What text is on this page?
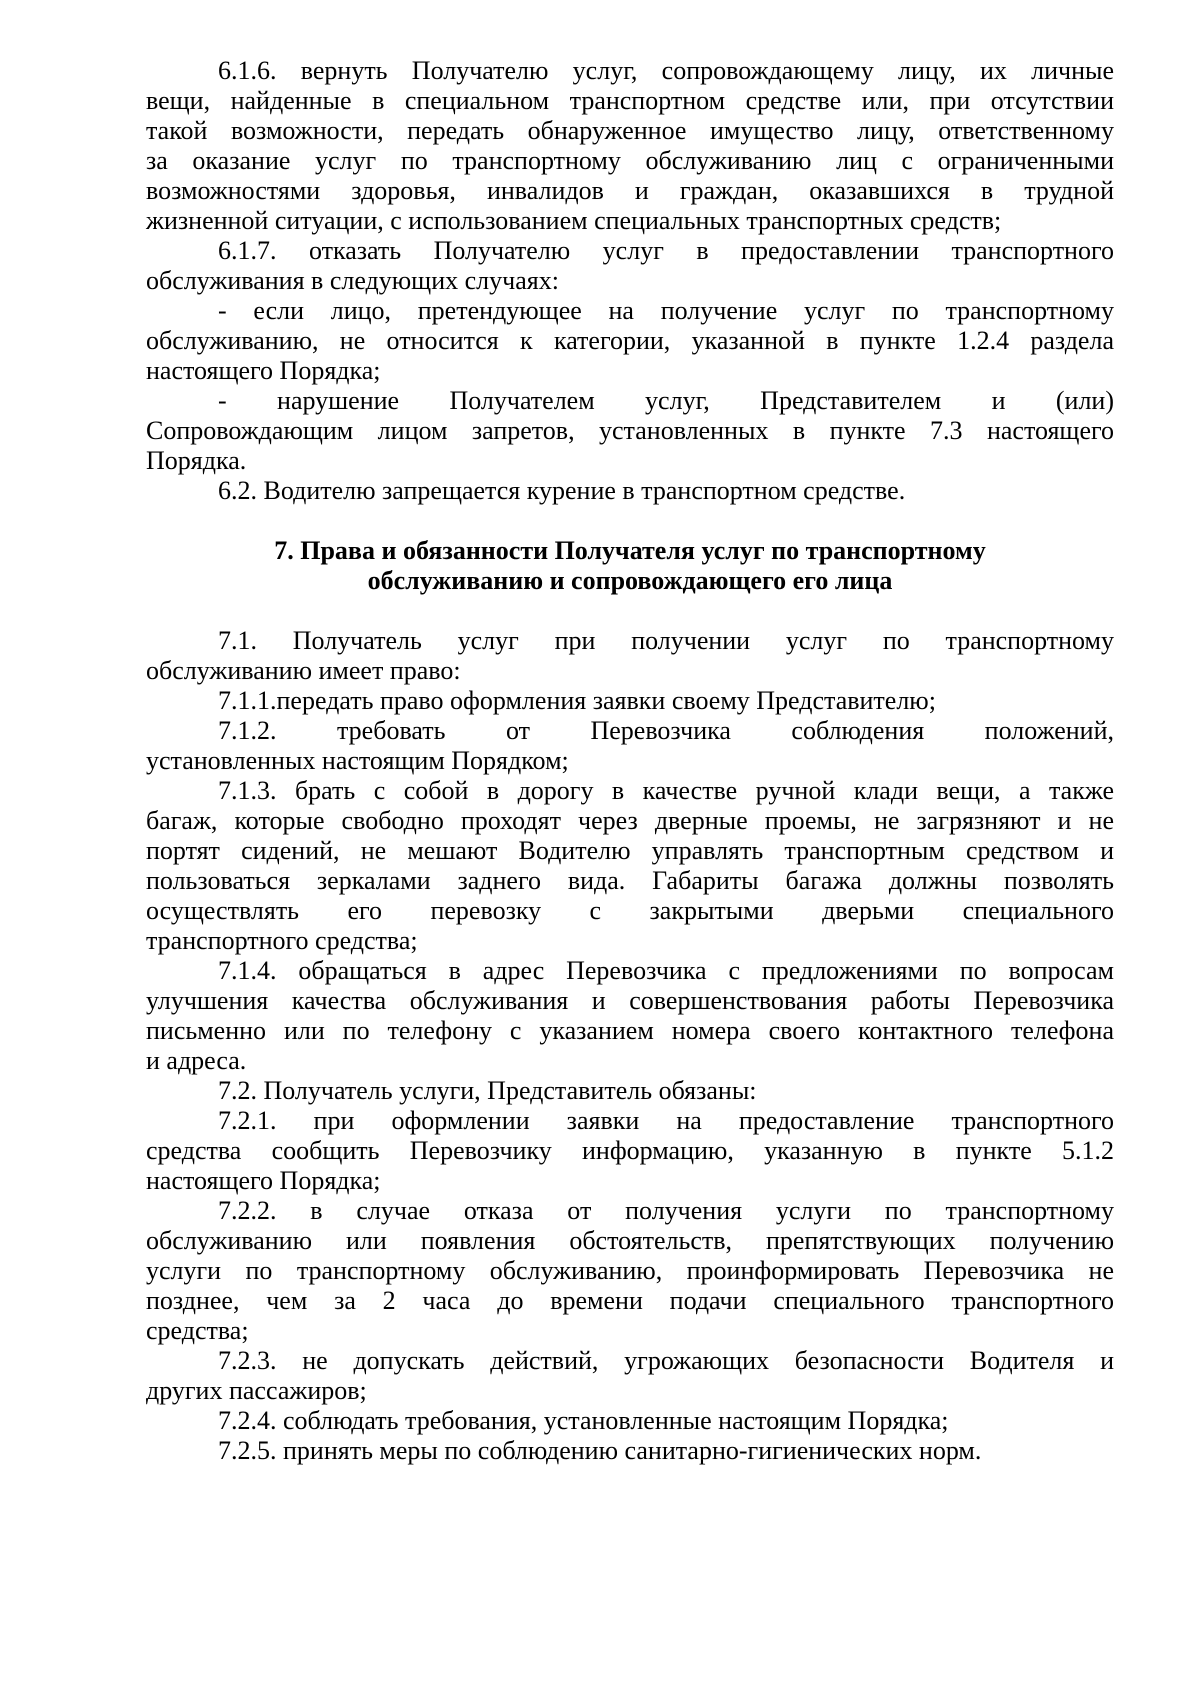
6.1.6. вернуть Получателю услуг, сопровождающему лицу, их личные
вещи, найденные в специальном транспортном средстве или, при отсутствии
такой возможности, передать обнаруженное имущество лицу, ответственному
за оказание услуг по транспортному обслуживанию лиц с ограниченными
возможностями здоровья, инвалидов и граждан, оказавшихся в трудной
жизненной ситуации, с использованием специальных транспортных средств;
6.1.7. отказать Получателю услуг в предоставлении транспортного
обслуживания в следующих случаях:
- если лицо, претендующее на получение услуг по транспортному
обслуживанию, не относится к категории, указанной в пункте 1.2.4 раздела
настоящего Порядка;
- нарушение Получателем услуг, Представителем и (или)
Сопровождающим лицом запретов, установленных в пункте 7.3 настоящего
Порядка.
6.2. Водителю запрещается курение в транспортном средстве.
7. Права и обязанности Получателя услуг по транспортному
обслуживанию и сопровождающего его лица
7.1. Получатель услуг при получении услуг по транспортному
обслуживанию имеет право:
7.1.1.передать право оформления заявки своему Представителю;
7.1.2. требовать от Перевозчика соблюдения положений,
установленных настоящим Порядком;
7.1.3. брать с собой в дорогу в качестве ручной клади вещи, а также
багаж, которые свободно проходят через дверные проемы, не загрязняют и не
портят сидений, не мешают Водителю управлять транспортным средством и
пользоваться зеркалами заднего вида. Габариты багажа должны позволять
осуществлять его перевозку с закрытыми дверьми специального
транспортного средства;
7.1.4. обращаться в адрес Перевозчика с предложениями по вопросам
улучшения качества обслуживания и совершенствования работы Перевозчика
письменно или по телефону с указанием номера своего контактного телефона
и адреса.
7.2. Получатель услуги, Представитель обязаны:
7.2.1. при оформлении заявки на предоставление транспортного
средства сообщить Перевозчику информацию, указанную в пункте 5.1.2
настоящего Порядка;
7.2.2. в случае отказа от получения услуги по транспортному
обслуживанию или появления обстоятельств, препятствующих получению
услуги по транспортному обслуживанию, проинформировать Перевозчика не
позднее, чем за 2 часа до времени подачи специального транспортного
средства;
7.2.3. не допускать действий, угрожающих безопасности Водителя и
других пассажиров;
7.2.4. соблюдать требования, установленные настоящим Порядка;
7.2.5. принять меры по соблюдению санитарно-гигиенических норм.
